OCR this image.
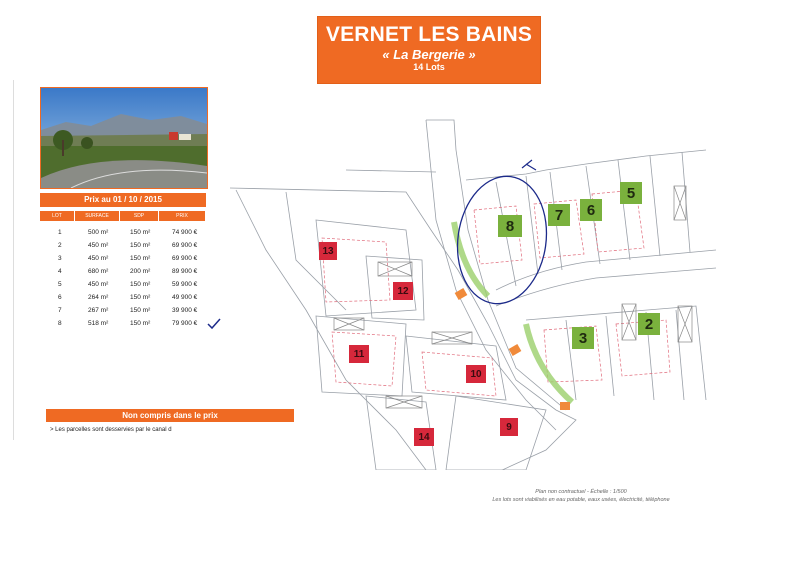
VERNET LES BAINS
« La Bergerie »
14 Lots
Prix au 01 / 10 / 2015
LOT	SURFACE	SDP	PRIX
1	500 m²	150 m²	74 900 €
2	450 m²	150 m²	69 900 €
3	450 m²	150 m²	69 900 €
4	680 m²	200 m²	89 900 €
5	450 m²	150 m²	59 900 €
6	264 m²	150 m²	49 900 €
7	267 m²	150 m²	39 900 €
8	518 m²	150 m²	79 900 €
Non compris dans le prix
> Les parcelles sont desservies par le canal d
8
7	6
5
3
2
13
12
11
10
14
9
Plan non contractuel - Échelle : 1/500
Les lots sont viabilisés en eau potable, eaux usées, électricité, téléphone
